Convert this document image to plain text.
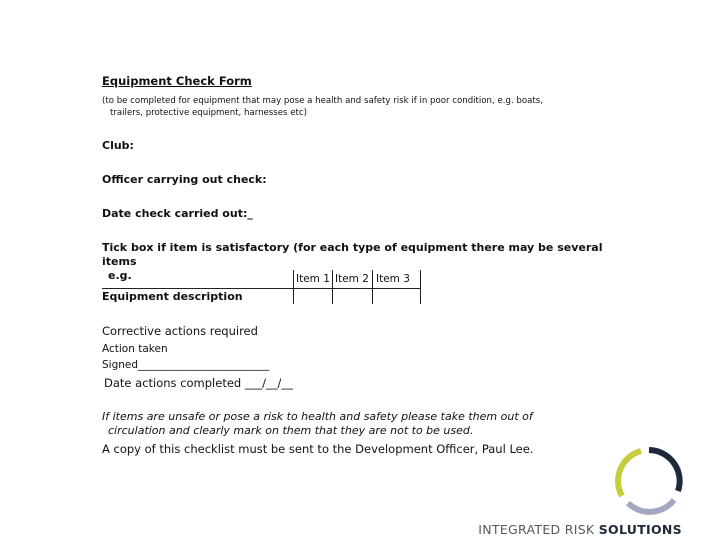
Equipment Check Form
(to be completed for equipment that may pose a health and safety risk if in poor condition, e.g. boats,
trailers, protective equipment, harnesses etc)
Club:
Officer carrying out check:
Date check carried out:_
Tick box if item is satisfactory (for each type of equipment there may be several items
e.g.	Item 1 Item 2 Item 3
Equipment description
Corrective actions required
Action taken
Signed_________________________
Date actions completed ___/__/__
If items are unsafe or pose a risk to health and safety please take them out of
circulation and clearly mark on them that they are not to be used.
A copy of this checklist must be sent to the Development Officer, Paul Lee.
INTEGRATED RISK SOLUTIONS
